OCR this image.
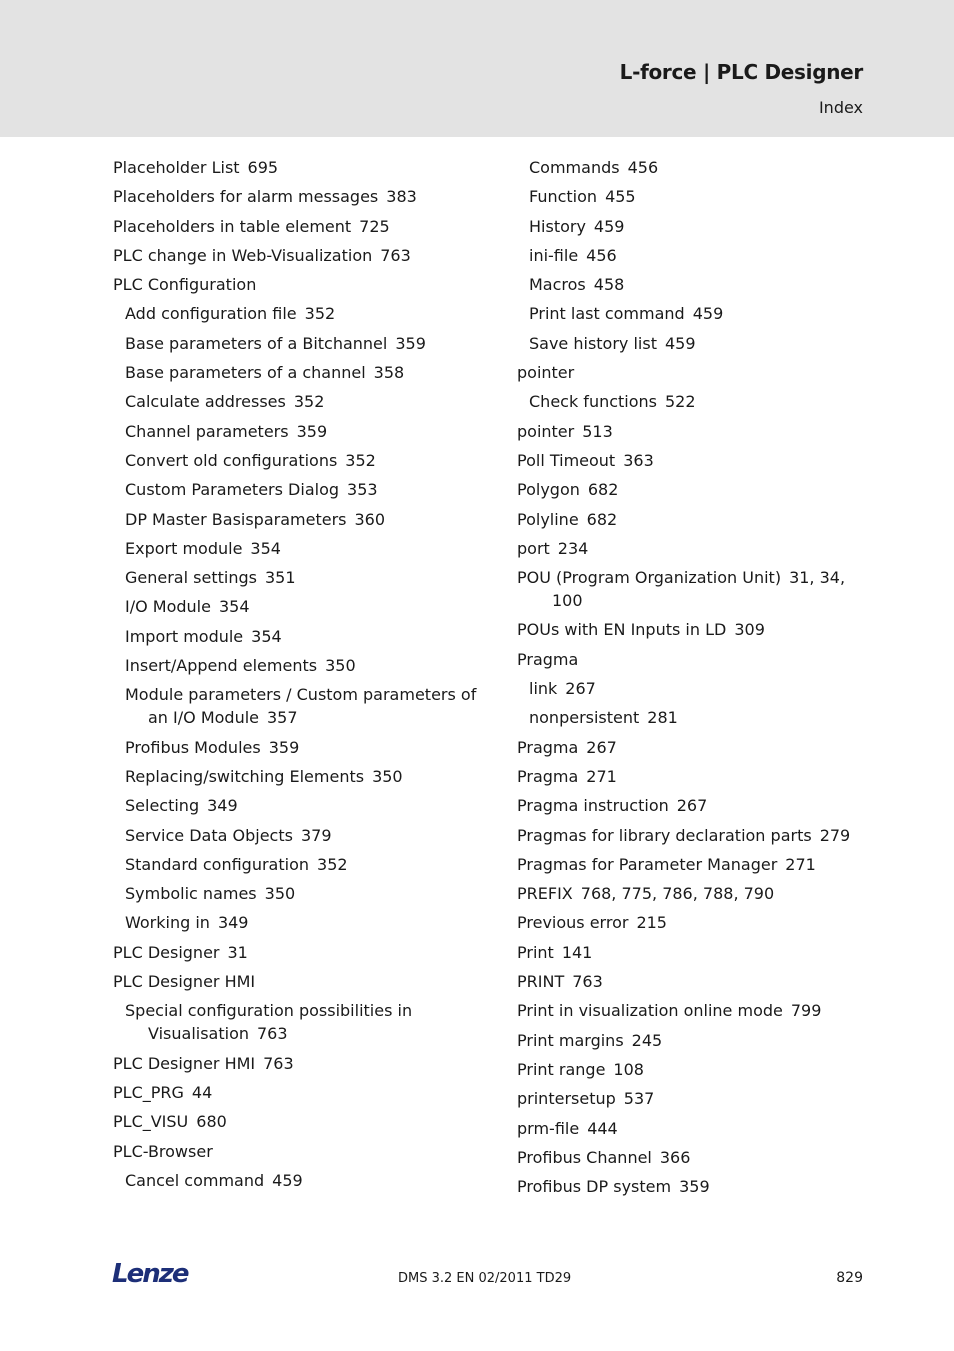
L-force | PLC Designer
Index
Placeholder List 695
Placeholders for alarm messages 383
Placeholders in table element 725
PLC change in Web-Visualization 763
PLC Configuration
Add configuration file 352
Base parameters of a Bitchannel 359
Base parameters of a channel 358
Calculate addresses 352
Channel parameters 359
Convert old configurations 352
Custom Parameters Dialog 353
DP Master Basisparameters 360
Export module 354
General settings 351
I/O Module 354
Import module 354
Insert/Append elements 350
Module parameters / Custom parameters of an I/O Module 357
Profibus Modules 359
Replacing/switching Elements 350
Selecting 349
Service Data Objects 379
Standard configuration 352
Symbolic names 350
Working in 349
PLC Designer 31
PLC Designer HMI
Special configuration possibilities in Visualisation 763
PLC Designer HMI 763
PLC_PRG 44
PLC_VISU 680
PLC-Browser
Cancel command 459
Commands 456
Function 455
History 459
ini-file 456
Macros 458
Print last command 459
Save history list 459
pointer
Check functions 522
pointer 513
Poll Timeout 363
Polygon 682
Polyline 682
port 234
POU (Program Organization Unit) 31, 34, 100
POUs with EN Inputs in LD 309
Pragma
link 267
nonpersistent 281
Pragma 267
Pragma 271
Pragma instruction 267
Pragmas for library declaration parts 279
Pragmas for Parameter Manager 271
PREFIX 768, 775, 786, 788, 790
Previous error 215
Print 141
PRINT 763
Print in visualization online mode 799
Print margins 245
Print range 108
printersetup 537
prm-file 444
Profibus Channel 366
Profibus DP system 359
Lenze	DMS 3.2 EN 02/2011 TD29	829
